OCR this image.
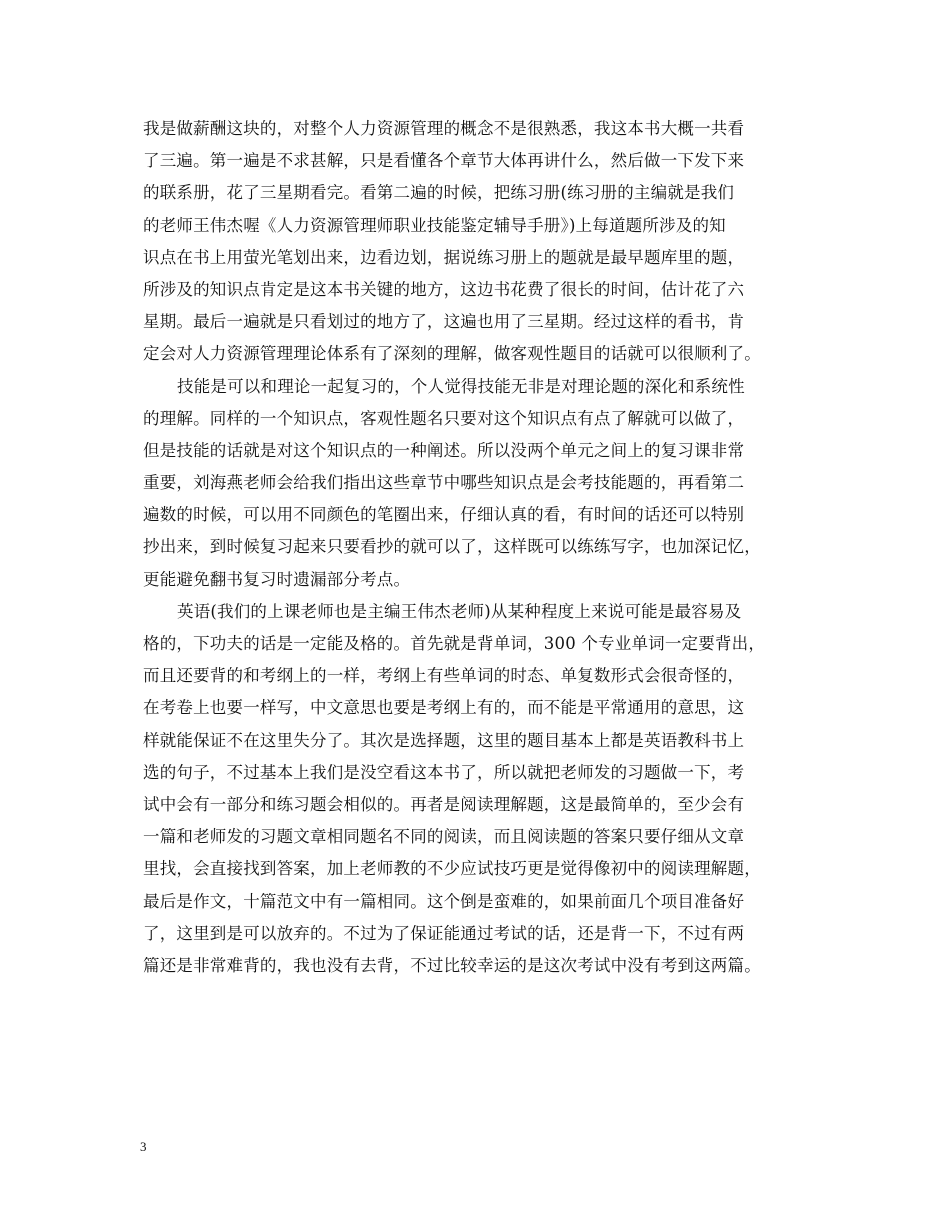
我是做薪酬这块的，对整个人力资源管理的概念不是很熟悉，我这本书大概一共看
了三遍。第一遍是不求甚解，只是看懂各个章节大体再讲什么，然后做一下发下来
的联系册，花了三星期看完。看第二遍的时候，把练习册(练习册的主编就是我们
的老师王伟杰喔《人力资源管理师职业技能鉴定辅导手册》)上每道题所涉及的知
识点在书上用萤光笔划出来，边看边划，据说练习册上的题就是最早题库里的题，
所涉及的知识点肯定是这本书关键的地方，这边书花费了很长的时间，估计花了六
星期。最后一遍就是只看划过的地方了，这遍也用了三星期。经过这样的看书，肯
定会对人力资源管理理论体系有了深刻的理解，做客观性题目的话就可以很顺利了。
技能是可以和理论一起复习的，个人觉得技能无非是对理论题的深化和系统性
的理解。同样的一个知识点，客观性题名只要对这个知识点有点了解就可以做了，
但是技能的话就是对这个知识点的一种阐述。所以没两个单元之间上的复习课非常
重要，刘海燕老师会给我们指出这些章节中哪些知识点是会考技能题的，再看第二
遍数的时候，可以用不同颜色的笔圈出来，仔细认真的看，有时间的话还可以特别
抄出来，到时候复习起来只要看抄的就可以了，这样既可以练练写字，也加深记忆，
更能避免翻书复习时遗漏部分考点。
英语(我们的上课老师也是主编王伟杰老师)从某种程度上来说可能是最容易及
格的，下功夫的话是一定能及格的。首先就是背单词，300 个专业单词一定要背出，
而且还要背的和考纲上的一样，考纲上有些单词的时态、单复数形式会很奇怪的，
在考卷上也要一样写，中文意思也要是考纲上有的，而不能是平常通用的意思，这
样就能保证不在这里失分了。其次是选择题，这里的题目基本上都是英语教科书上
选的句子，不过基本上我们是没空看这本书了，所以就把老师发的习题做一下，考
试中会有一部分和练习题会相似的。再者是阅读理解题，这是最简单的，至少会有
一篇和老师发的习题文章相同题名不同的阅读，而且阅读题的答案只要仔细从文章
里找，会直接找到答案，加上老师教的不少应试技巧更是觉得像初中的阅读理解题，
最后是作文，十篇范文中有一篇相同。这个倒是蛮难的，如果前面几个项目准备好
了，这里到是可以放弃的。不过为了保证能通过考试的话，还是背一下，不过有两
篇还是非常难背的，我也没有去背，不过比较幸运的是这次考试中没有考到这两篇。
3
